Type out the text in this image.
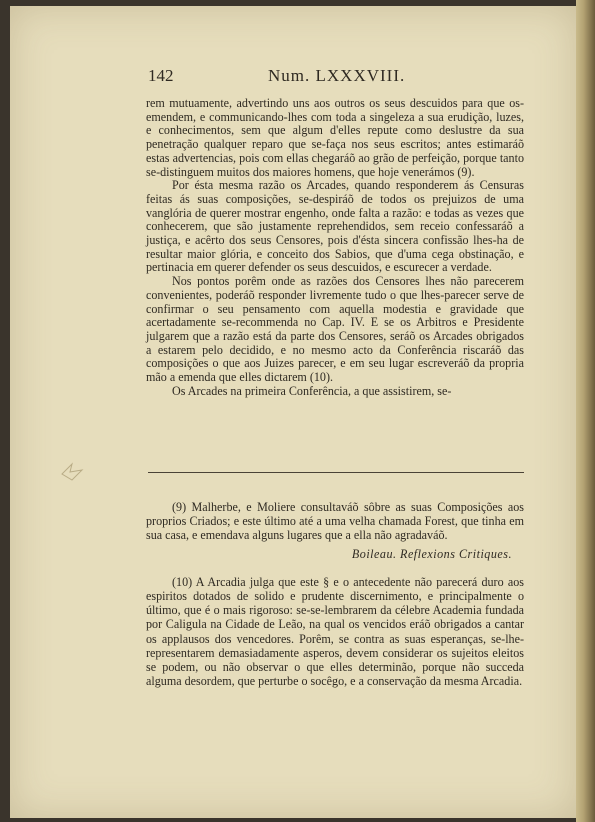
142	Num. LXXXVIII.

rem mutuamente, advertindo uns aos outros os seus descuidos para que os-emendem, e communicando-lhes com toda a singeleza a sua erudição, luzes, e conhecimentos, sem que algum d'elles repute como deslustre da sua penetração qualquer reparo que se-faça nos seus escritos; antes estimaráõ estas advertencias, pois com ellas chegaráõ ao grão de perfeição, porque tanto se-distinguem muitos dos maiores homens, que hoje venerámos (9).

Por ésta mesma razão os Arcades, quando responderem ás Censuras feitas ás suas composições, se-despiráõ de todos os prejuizos de uma vanglória de querer mostrar engenho, onde falta a razão: e todas as vezes que conhecerem, que são justamente reprehendidos, sem receio confessaráõ a justiça, e acêrto dos seus Censores, pois d'ésta sincera confissão lhes-ha de resultar maior glória, e conceito dos Sabios, que d'uma cega obstinação, e pertinacia em querer defender os seus descuidos, e escurecer a verdade.

Nos pontos porêm onde as razões dos Censores lhes não parecerem convenientes, poderáõ responder livremente tudo o que lhes-parecer serve de confirmar o seu pensamento com aquella modestia e gravidade que acertadamente se-recommenda no Cap. IV. E se os Arbitros e Presidente julgarem que a razão está da parte dos Censores, seráõ os Arcades obrigados a estarem pelo decidido, e no mesmo acto da Conferência riscaráõ das composições o que aos Juizes parecer, e em seu lugar escreveráõ da propria mão a emenda que elles dictarem (10).

Os Arcades na primeira Conferência, a que assistirem, se-

(9) Malherbe, e Moliere consultaváõ sôbre as suas Composições aos proprios Criados; e este último até a uma velha chamada Forest, que tinha em sua casa, e emendava alguns lugares que a ella não agradaváõ.

Boileau. Reflexions Critiques.

(10) A Arcadia julga que este § e o antecedente não parecerá duro aos espiritos dotados de solido e prudente discernimento, e principalmente o último, que é o mais rigoroso: se-se-lembrarem da célebre Academia fundada por Caligula na Cidade de Leão, na qual os vencidos eráõ obrigados a cantar os applausos dos vencedores. Porêm, se contra as suas esperanças, se-lhe-representarem demasiadamente asperos, devem considerar os sujeitos eleitos se podem, ou não observar o que elles determinão, porque não succeda alguma desordem, que perturbe o socêgo, e a conservação da mesma Arcadia.
